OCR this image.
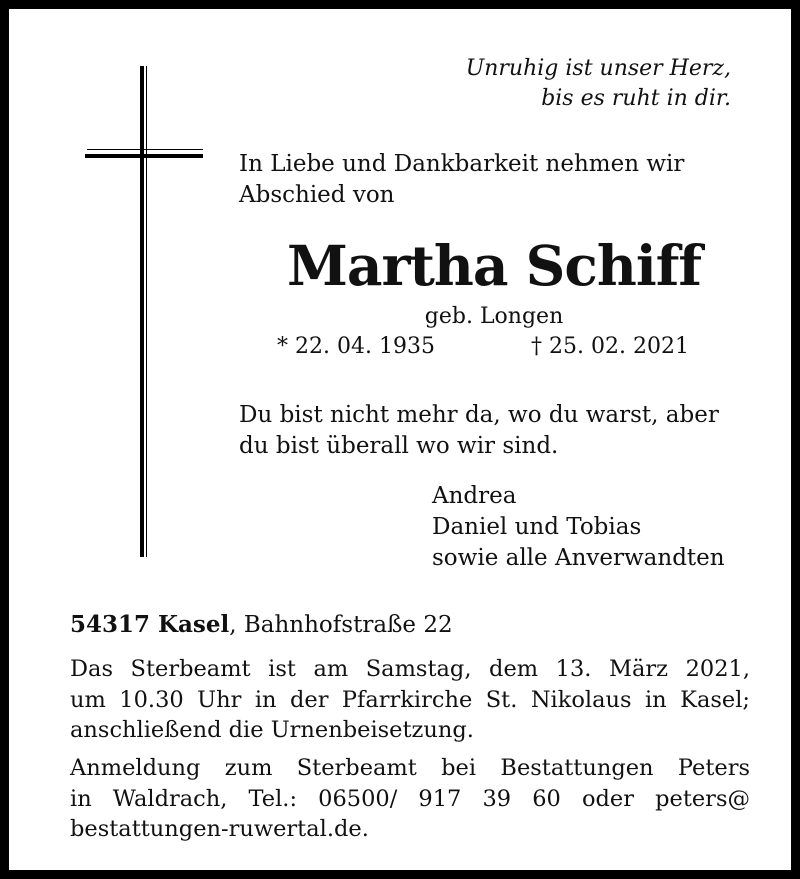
Unruhig ist unser Herz,
bis es ruht in dir.
In Liebe und Dankbarkeit nehmen wir
Abschied von
Martha Schiff
geb. Longen
* 22. 04. 1935	† 25. 02. 2021
Du bist nicht mehr da, wo du warst, aber
du bist überall wo wir sind.
Andrea
Daniel und Tobias
sowie alle Anverwandten
54317 Kasel, Bahnhofstraße 22
Das Sterbeamt ist am Samstag, dem 13. März 2021,
um 10.30 Uhr in der Pfarrkirche St. Nikolaus in Kasel;
anschließend die Urnenbeisetzung.
Anmeldung zum Sterbeamt bei Bestattungen Peters
in Waldrach, Tel.: 06500/ 917 39 60 oder peters@
bestattungen-ruwertal.de.
